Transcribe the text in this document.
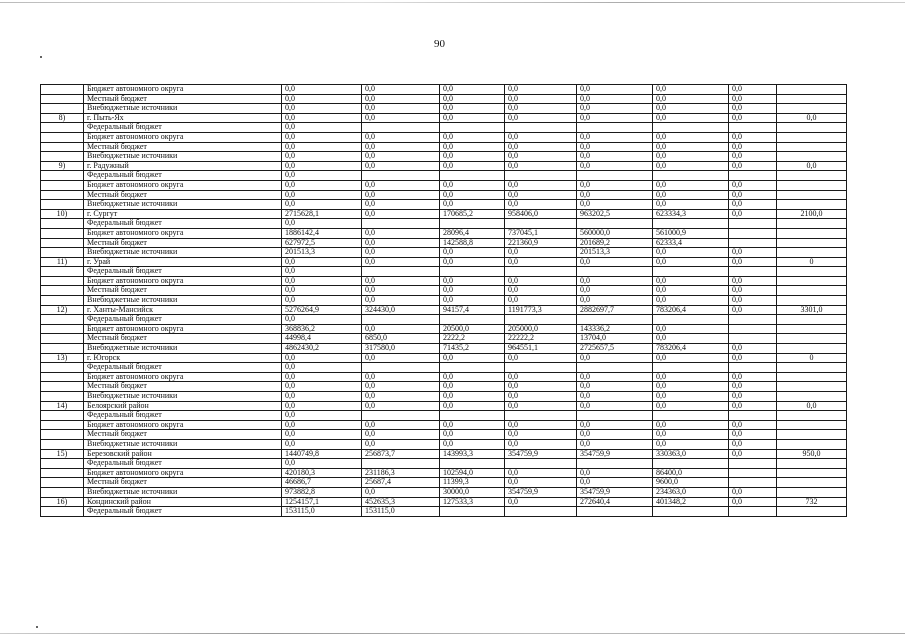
90
	Бюджет автономного округа	0,0	0,0	0,0	0,0	0,0	0,0	0,0	
	Местный бюджет	0,0	0,0	0,0	0,0	0,0	0,0	0,0	
	Внебюджетные источники	0,0	0,0	0,0	0,0	0,0	0,0	0,0	
8)	г. Пыть-Ях	0,0	0,0	0,0	0,0	0,0	0,0	0,0	0,0
	Федеральный бюджет	0,0							
	Бюджет автономного округа	0,0	0,0	0,0	0,0	0,0	0,0	0,0	
	Местный бюджет	0,0	0,0	0,0	0,0	0,0	0,0	0,0	
	Внебюджетные источники	0,0	0,0	0,0	0,0	0,0	0,0	0,0	
9)	г. Радужный	0,0	0,0	0,0	0,0	0,0	0,0	0,0	0,0
	Федеральный бюджет	0,0							
	Бюджет автономного округа	0,0	0,0	0,0	0,0	0,0	0,0	0,0	
	Местный бюджет	0,0	0,0	0,0	0,0	0,0	0,0	0,0	
	Внебюджетные источники	0,0	0,0	0,0	0,0	0,0	0,0	0,0	
10)	г. Сургут	2715628,1	0,0	170685,2	958406,0	963202,5	623334,3	0,0	2100,0
	Федеральный бюджет	0,0							
	Бюджет автономного округа	1886142,4	0,0	28096,4	737045,1	560000,0	561000,9		
	Местный бюджет	627972,5	0,0	142588,8	221360,9	201689,2	62333,4		
	Внебюджетные источники	201513,3	0,0	0,0	0,0	201513,3	0,0	0,0	
11)	г. Урай	0,0	0,0	0,0	0,0	0,0	0,0	0,0	0
	Федеральный бюджет	0,0							
	Бюджет автономного округа	0,0	0,0	0,0	0,0	0,0	0,0	0,0	
	Местный бюджет	0,0	0,0	0,0	0,0	0,0	0,0	0,0	
	Внебюджетные источники	0,0	0,0	0,0	0,0	0,0	0,0	0,0	
12)	г. Ханты-Мансийск	5276264,9	324430,0	94157,4	1191773,3	2882697,7	783206,4	0,0	3301,0
	Федеральный бюджет	0,0							
	Бюджет автономного округа	368836,2	0,0	20500,0	205000,0	143336,2	0,0		
	Местный бюджет	44998,4	6850,0	2222,2	22222,2	13704,0	0,0		
	Внебюджетные источники	4862430,2	317580,0	71435,2	964551,1	2725657,5	783206,4	0,0	
13)	г. Югорск	0,0	0,0	0,0	0,0	0,0	0,0	0,0	0
	Федеральный бюджет	0,0							
	Бюджет автономного округа	0,0	0,0	0,0	0,0	0,0	0,0	0,0	
	Местный бюджет	0,0	0,0	0,0	0,0	0,0	0,0	0,0	
	Внебюджетные источники	0,0	0,0	0,0	0,0	0,0	0,0	0,0	
14)	Белоярский район	0,0	0,0	0,0	0,0	0,0	0,0	0,0	0,0
	Федеральный бюджет	0,0							
	Бюджет автономного округа	0,0	0,0	0,0	0,0	0,0	0,0	0,0	
	Местный бюджет	0,0	0,0	0,0	0,0	0,0	0,0	0,0	
	Внебюджетные источники	0,0	0,0	0,0	0,0	0,0	0,0	0,0	
15)	Березовский район	1440749,8	256873,7	143993,3	354759,9	354759,9	330363,0	0,0	950,0
	Федеральный бюджет	0,0							
	Бюджет автономного округа	420180,3	231186,3	102594,0	0,0	0,0	86400,0		
	Местный бюджет	46686,7	25687,4	11399,3	0,0	0,0	9600,0		
	Внебюджетные источники	973882,8	0,0	30000,0	354759,9	354759,9	234363,0	0,0	
16)	Кондинский район	1254157,1	452635,3	127533,3	0,0	272640,4	401348,2	0,0	732
	Федеральный бюджет	153115,0	153115,0						
